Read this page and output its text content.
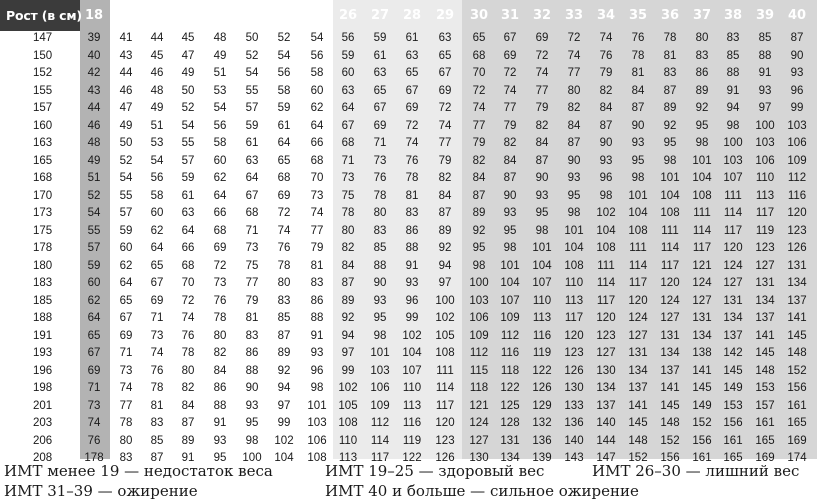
Рост (в см) 18	19 20 21	22	23	24	25 26	27	28	29	30 31	32	33	34	35	36	37 38	39	40
147	39	41	44	45	48	50	52	54	56	59	61	63	65	67	69	72	74	76	78	80	83	85	87
150	40	43	45	47	49	52	54	56	59	61	63	65	68	69	72	74	76	78	81	83	85	88	90
152	42	44	46	49	51	54	56	58	60	63	65	67	70	72	74	77	79	81	83	86	88	91	93
155	43	46	48	50	53	55	58	60	63	65	67	69	72	74	77	80	82	84	87	89	91	93	96
157	44	47	49	52	54	57	59	62	64	67	69	72	74	77	79	82	84	87	89	92	94	97	99
160	46	49	51	54	56	59	61	64	67	69	72	74	77	79	82	84	87	90	92	95	98	100	103
163	48	50	53	55	58	61	64	66	68	71	74	77	79	82	84	87	90	93	95	98	100	103	106
165	49	52	54	57	60	63	65	68	71	73	76	79	82	84	87	90	93	95	98	101	103	106	109
168	51	54	56	59	62	64	68	70	73	76	78	82	84	87	90	93	96	98	101	104	107	110	112
170	52	55	58	61	64	67	69	73	75	78	81	84	87	90	93	95	98	101	104	108	111	113	116
173	54	57	60	63	66	68	72	74	78	80	83	87	89	93	95	98	102	104	108	111	114	117	120
175	55	59	62	64	68	71	74	77	80	83	86	89	92	95	98	101	104	108	111	114	117	119	123
178	57	60	64	66	69	73	76	79	82	85	88	92	95	98	101	104	108	111	114	117	120	123	126
180	59	62	65	68	72	75	78	81	84	88	91	94	98	101	104	108	111	114	117	121	124	127	131
183	60	64	67	70	73	77	80	83	87	90	93	97	100	104	107	110	114	117	120	124	127	131	134
185	62	65	69	72	76	79	83	86	89	93	96	100	103	107	110	113	117	120	124	127	131	134	137
188	64	67	71	74	78	81	85	88	92	95	99	102	106	109	113	117	120	124	127	131	134	137	141
191	65	69	73	76	80	83	87	91	94	98	102	105	109	112	116	120	123	127	131	134	137	141	145
193	67	71	74	78	82	86	89	93	97	101	104	108	112	116	119	123	127	131	134	138	142	145	148
196	69	73	76	80	84	88	92	96	99	103	107	111	115	118	122	126	130	134	137	141	145	148	152
198	71	74	78	82	86	90	94	98	102	106	110	114	118	122	126	130	134	137	141	145	149	153	156
201	73	77	81	84	88	93	97	101	105	109	113	117	121	125	129	133	137	141	145	149	153	157	161
203	74	78	83	87	91	95	99	103	108	112	116	120	124	128	132	136	140	145	148	152	156	161	165
206	76	80	85	89	93	98	102	106	110	114	119	123	127	131	136	140	144	148	152	156	161	165	169
208	178	83	87	91	95	100	104	108	113	117	122	126	130	134	139	143	147	152	156	161	165	169	174
ИМТ менее 19 — недостаток веса	ИМТ 19–25 — здоровый вес	ИМТ 26–30 — лишний вес
ИМТ 31–39 — ожирение	ИМТ 40 и больше — сильное ожирение
